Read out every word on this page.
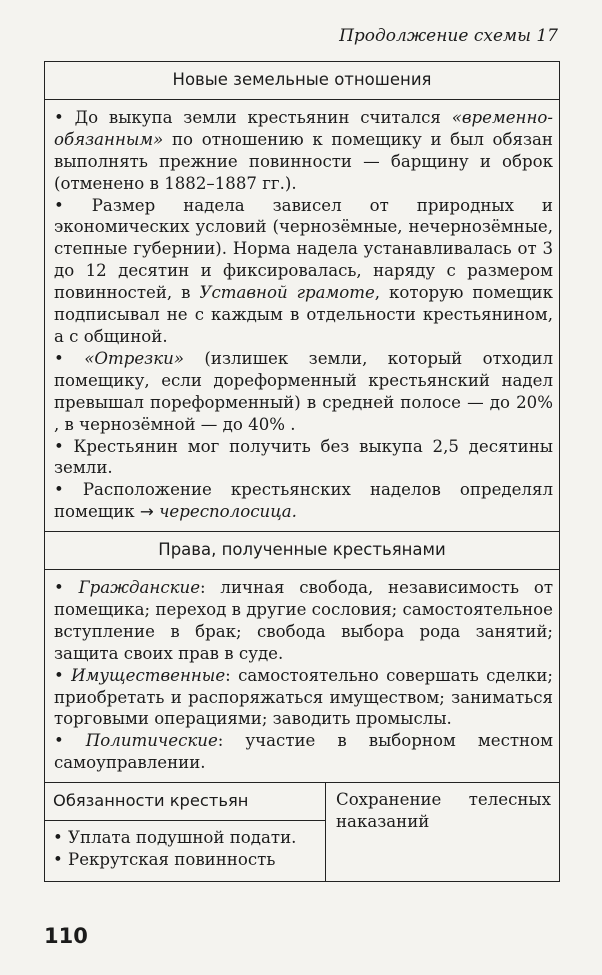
Продолжение схемы 17
Новые земельные отношения

• До выкупа земли крестьянин считался «временно-обязанным» по отношению к помещику и был обязан выполнять прежние повинности — барщину и оброк (отменено в 1882–1887 гг.).

• Размер надела зависел от природных и экономических условий (чернозёмные, нечернозёмные, степные губернии). Норма надела устанавливалась от 3 до 12 десятин и фиксировалась, наряду с размером повинностей, в Уставной грамоте, которую помещик подписывал не с каждым в отдельности крестьянином, а с общиной.

• «Отрезки» (излишек земли, который отходил помещику, если дореформенный крестьянский надел превышал пореформенный) в средней полосе — до 20% , в чернозёмной — до 40% .

• Крестьянин мог получить без выкупа 2,5 десятины земли.

• Расположение крестьянских наделов определял помещик → чересполосица.

Права, полученные крестьянами

• Гражданские: личная свобода, независимость от помещика; переход в другие сословия; самостоятельное вступление в брак; свобода выбора рода занятий; защита своих прав в суде.

• Имущественные: самостоятельно совершать сделки; приобретать и распоряжаться имуществом; заниматься торговыми операциями; заводить промыслы.

• Политические: участие в выборном местном самоуправлении.

Обязанности крестьян

• Уплата подушной подати.

• Рекрутская повинность

Сохранение телесных наказаний
110
